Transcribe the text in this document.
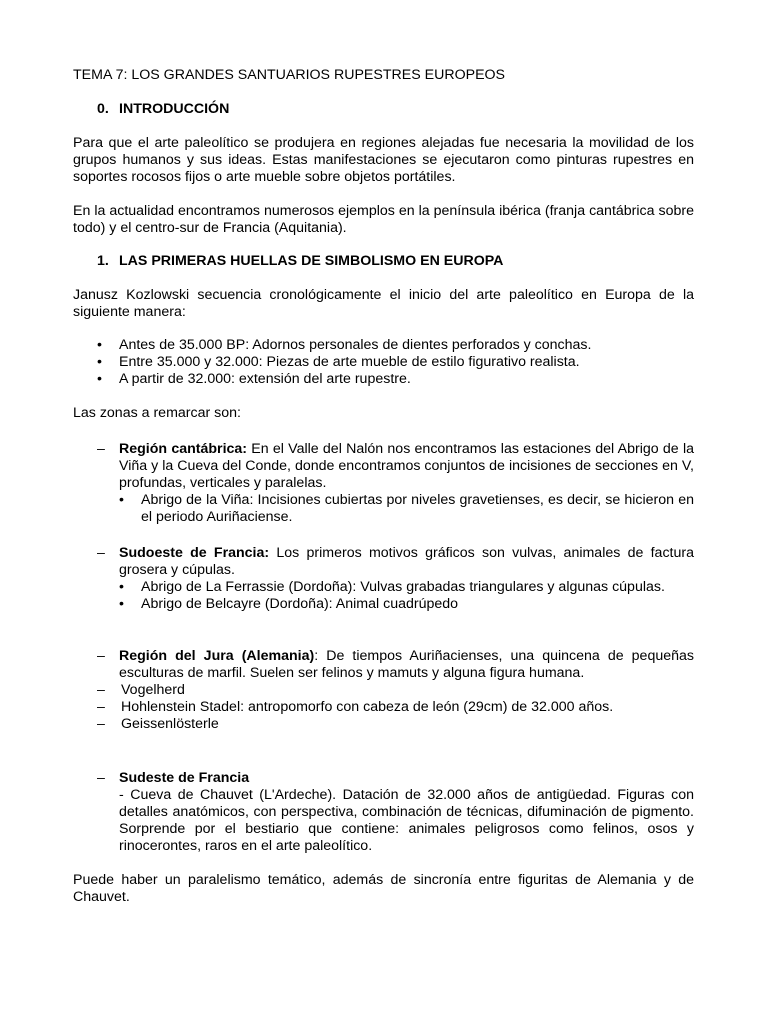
TEMA 7: LOS GRANDES SANTUARIOS RUPESTRES EUROPEOS

0. INTRODUCCIÓN

Para que el arte paleolítico se produjera en regiones alejadas fue necesaria la movilidad de los grupos humanos y sus ideas. Estas manifestaciones se ejecutaron como pinturas rupestres en soportes rocosos fijos o arte mueble sobre objetos portátiles.

En la actualidad encontramos numerosos ejemplos en la península ibérica (franja cantábrica sobre todo) y el centro-sur de Francia (Aquitania).

1. LAS PRIMERAS HUELLAS DE SIMBOLISMO EN EUROPA

Janusz Kozlowski secuencia cronológicamente el inicio del arte paleolítico en Europa de la siguiente manera:

• Antes de 35.000 BP: Adornos personales de dientes perforados y conchas.
• Entre 35.000 y 32.000: Piezas de arte mueble de estilo figurativo realista.
• A partir de 32.000: extensión del arte rupestre.

Las zonas a remarcar son:

– Región cantábrica: En el Valle del Nalón nos encontramos las estaciones del Abrigo de la Viña y la Cueva del Conde, donde encontramos conjuntos de incisiones de secciones en V, profundas, verticales y paralelas.
• Abrigo de la Viña: Incisiones cubiertas por niveles gravetienses, es decir, se hicieron en el periodo Auriñaciense.
– Sudoeste de Francia: Los primeros motivos gráficos son vulvas, animales de factura grosera y cúpulas.
• Abrigo de La Ferrassie (Dordoña): Vulvas grabadas triangulares y algunas cúpulas.
• Abrigo de Belcayre (Dordoña): Animal cuadrúpedo
– Región del Jura (Alemania): De tiempos Auriñacienses, una quincena de pequeñas esculturas de marfil. Suelen ser felinos y mamuts y alguna figura humana.
– Vogelherd
– Hohlenstein Stadel: antropomorfo con cabeza de león (29cm) de 32.000 años.
– Geissenlösterle
– Sudeste de Francia
- Cueva de Chauvet (L'Ardeche). Datación de 32.000 años de antigüedad. Figuras con detalles anatómicos, con perspectiva, combinación de técnicas, difuminación de pigmento. Sorprende por el bestiario que contiene: animales peligrosos como felinos, osos y rinocerontes, raros en el arte paleolítico.

Puede haber un paralelismo temático, además de sincronía entre figuritas de Alemania y de Chauvet.
